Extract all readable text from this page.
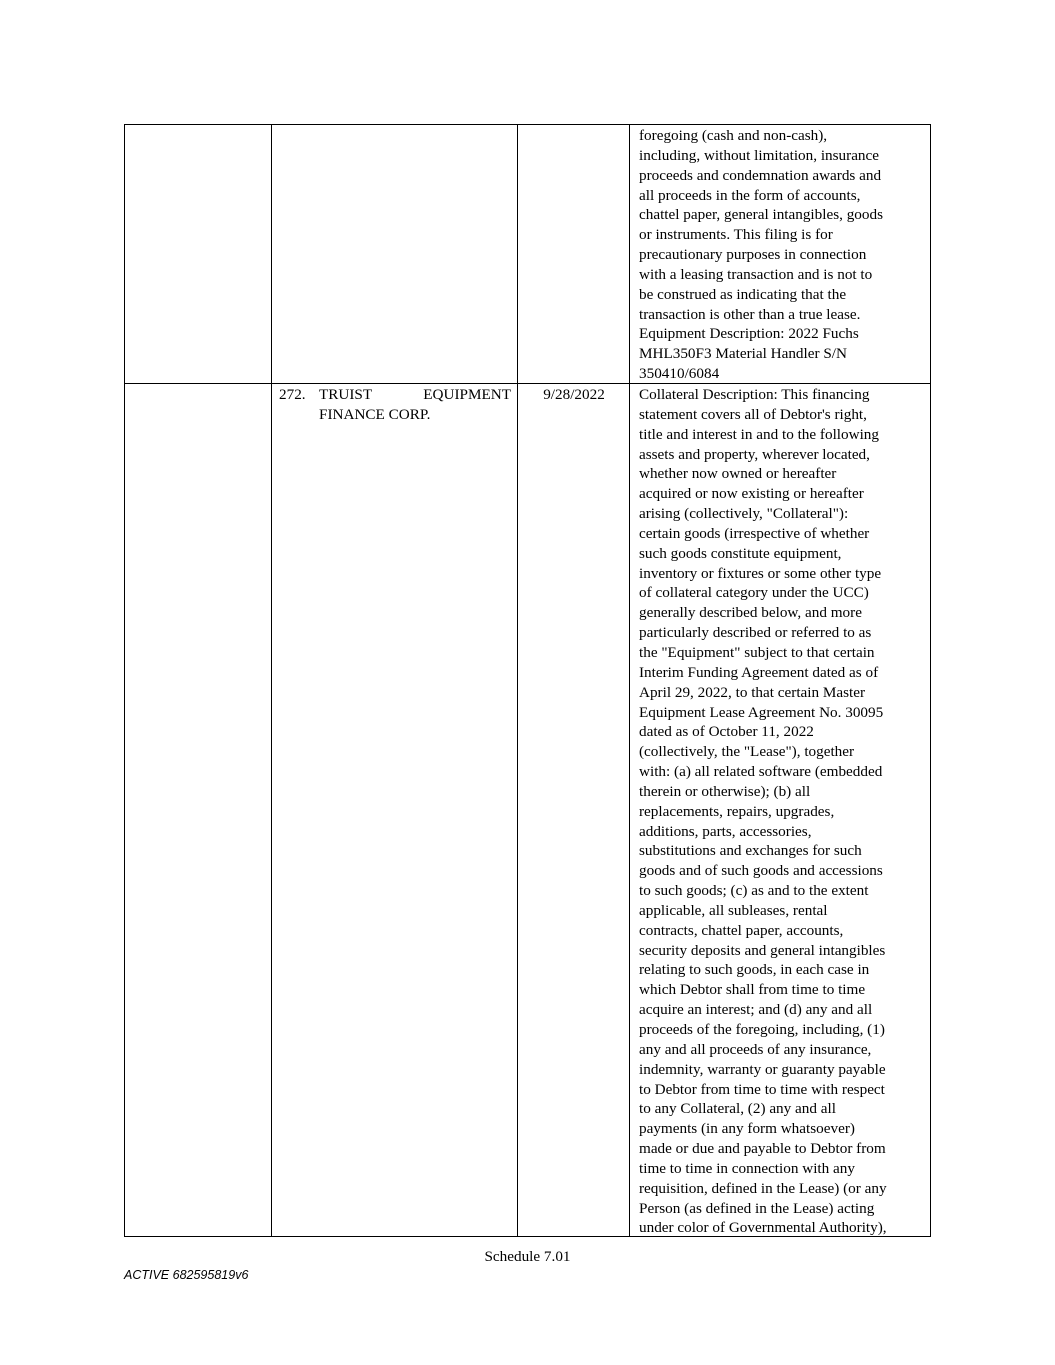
foregoing (cash and non-cash),
including, without limitation, insurance
proceeds and condemnation awards and
all proceeds in the form of accounts,
chattel paper, general intangibles, goods
or instruments. This filing is for
precautionary purposes in connection
with a leasing transaction and is not to
be construed as indicating that the
transaction is other than a true lease.
Equipment Description: 2022 Fuchs
MHL350F3 Material Handler S/N
350410/6084
272. TRUIST	EQUIPMENT
FINANCE CORP.
9/28/2022	Collateral Description: This financing
statement covers all of Debtor's right,
title and interest in and to the following
assets and property, wherever located,
whether now owned or hereafter
acquired or now existing or hereafter
arising (collectively, "Collateral"):
certain goods (irrespective of whether
such goods constitute equipment,
inventory or fixtures or some other type
of collateral category under the UCC)
generally described below, and more
particularly described or referred to as
the "Equipment" subject to that certain
Interim Funding Agreement dated as of
April 29, 2022, to that certain Master
Equipment Lease Agreement No. 30095
dated as of October 11, 2022
(collectively, the "Lease"), together
with: (a) all related software (embedded
therein or otherwise); (b) all
replacements, repairs, upgrades,
additions, parts, accessories,
substitutions and exchanges for such
goods and of such goods and accessions
to such goods; (c) as and to the extent
applicable, all subleases, rental
contracts, chattel paper, accounts,
security deposits and general intangibles
relating to such goods, in each case in
which Debtor shall from time to time
acquire an interest; and (d) any and all
proceeds of the foregoing, including, (1)
any and all proceeds of any insurance,
indemnity, warranty or guaranty payable
to Debtor from time to time with respect
to any Collateral, (2) any and all
payments (in any form whatsoever)
made or due and payable to Debtor from
time to time in connection with any
requisition, defined in the Lease) (or any
Person (as defined in the Lease) acting
under color of Governmental Authority),
Schedule 7.01
ACTIVE 682595819v6
